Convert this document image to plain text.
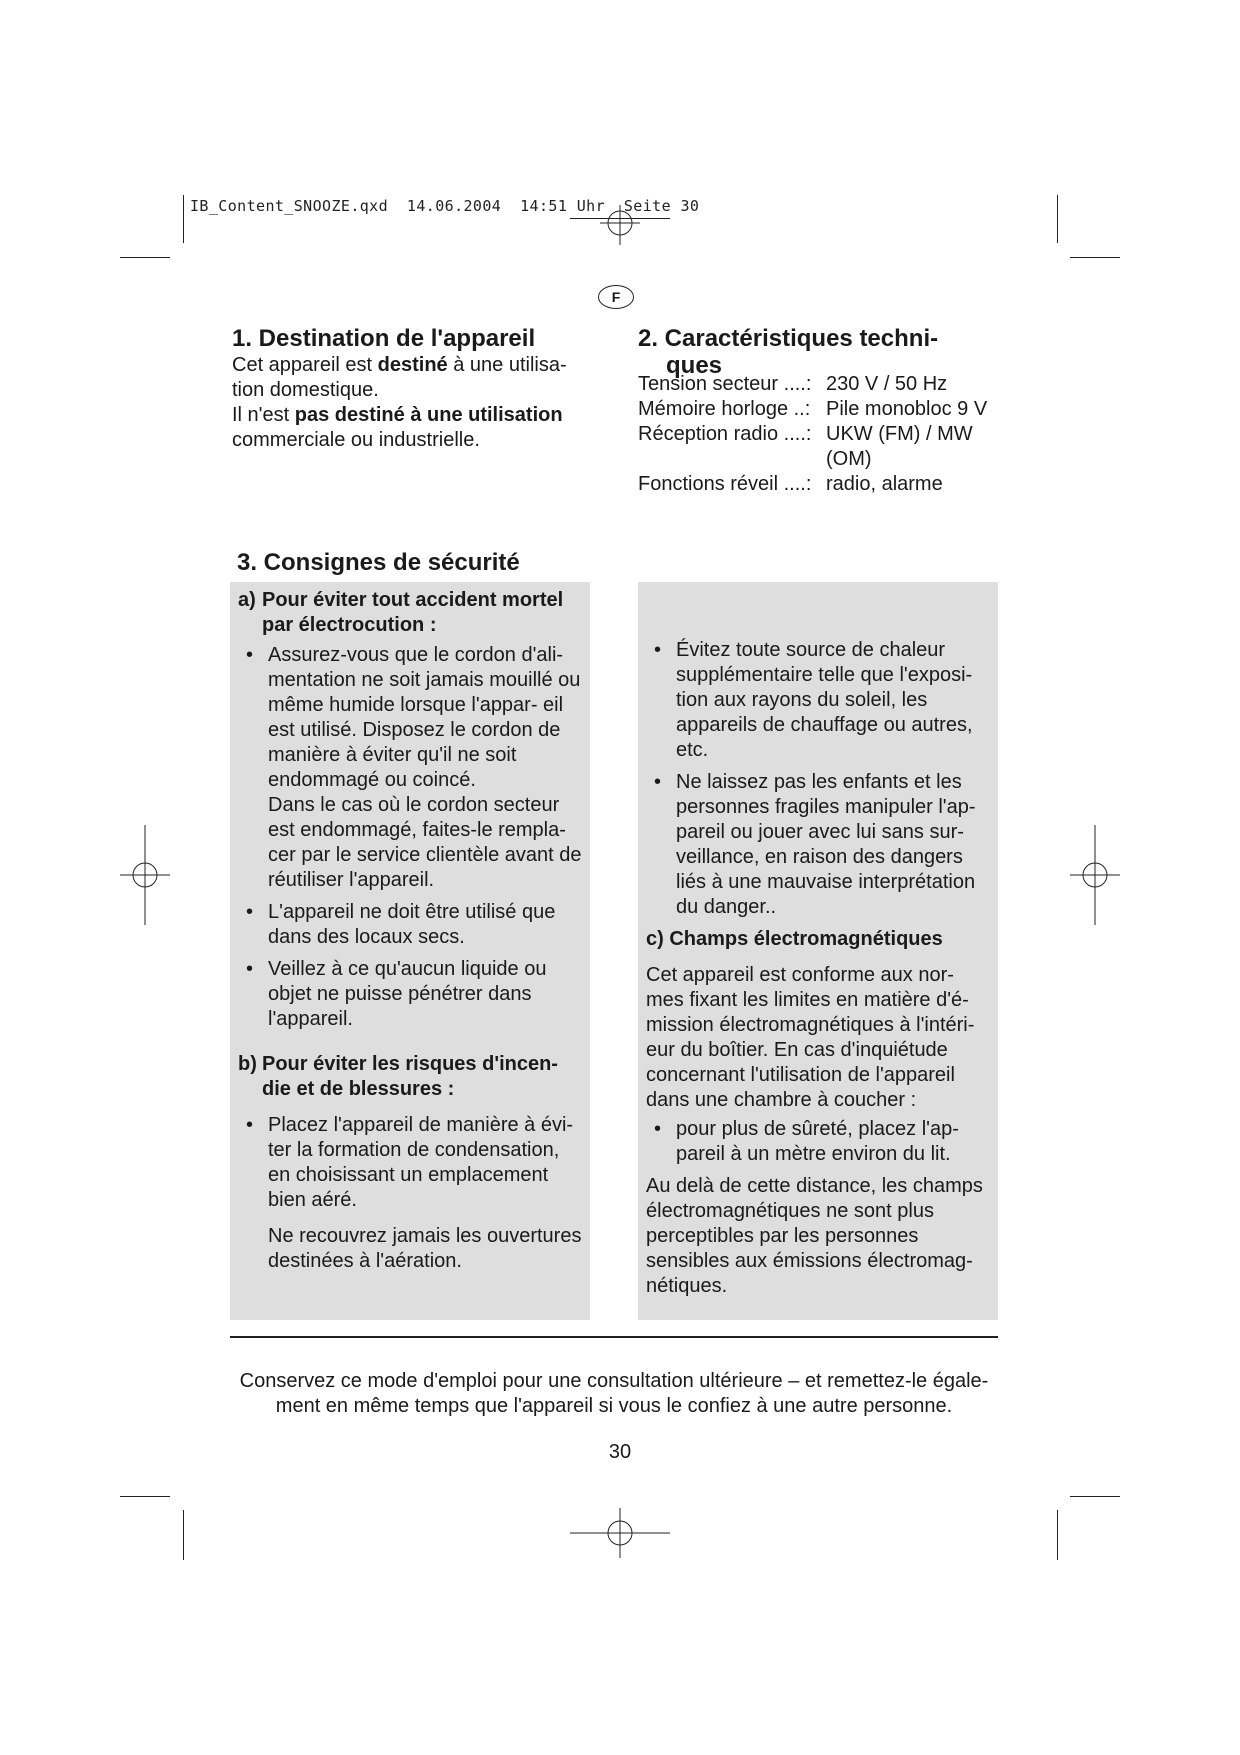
IB_Content_SNOOZE.qxd 14.06.2004 14:51 Uhr Seite 30
F
1. Destination de l'appareil

Cet appareil est destiné à une utilisa-

tion domestique.

Il n'est pas destiné à une utilisation

commerciale ou industrielle.

2. Caractéristiques techni-
ques
Tension secteur ....: 230 V / 50 Hz
Mémoire horloge ..: Pile monobloc 9 V
Réception radio ....: UKW (FM) / MW (OM)
Fonctions réveil ....: radio, alarme
3. Consignes de sécurité
a) Pour éviter tout accident mortel par électrocution :
• Assurez-vous que le cordon d'ali- mentation ne soit jamais mouillé ou même humide lorsque l'appar- eil est utilisé. Disposez le cordon de manière à éviter qu'il ne soit endommagé ou coincé.
Dans le cas où le cordon secteur est endommagé, faites-le rempla- cer par le service clientèle avant de réutiliser l'appareil.
• L'appareil ne doit être utilisé que dans des locaux secs.
• Veillez à ce qu'aucun liquide ou objet ne puisse pénétrer dans l'appareil.
b) Pour éviter les risques d'incen- die et de blessures :
• Placez l'appareil de manière à évi- ter la formation de condensation, en choisissant un emplacement bien aéré.

Ne recouvrez jamais les ouvertures destinées à l'aération.

• Évitez toute source de chaleur supplémentaire telle que l'exposi- tion aux rayons du soleil, les appareils de chauffage ou autres, etc.
• Ne laissez pas les enfants et les personnes fragiles manipuler l'ap- pareil ou jouer avec lui sans sur- veillance, en raison des dangers liés à une mauvaise interprétation du danger..

c) Champs électromagnétiques

Cet appareil est conforme aux nor- mes fixant les limites en matière d'é- mission électromagnétiques à l'intéri- eur du boîtier. En cas d'inquiétude concernant l'utilisation de l'appareil dans une chambre à coucher :

• pour plus de sûreté, placez l'ap- pareil à un mètre environ du lit.

Au delà de cette distance, les champs électromagnétiques ne sont plus perceptibles par les personnes sensibles aux émissions électromag- nétiques.

Conservez ce mode d'emploi pour une consultation ultérieure – et remettez-le égale- ment en même temps que l'appareil si vous le confiez à une autre personne.

30
